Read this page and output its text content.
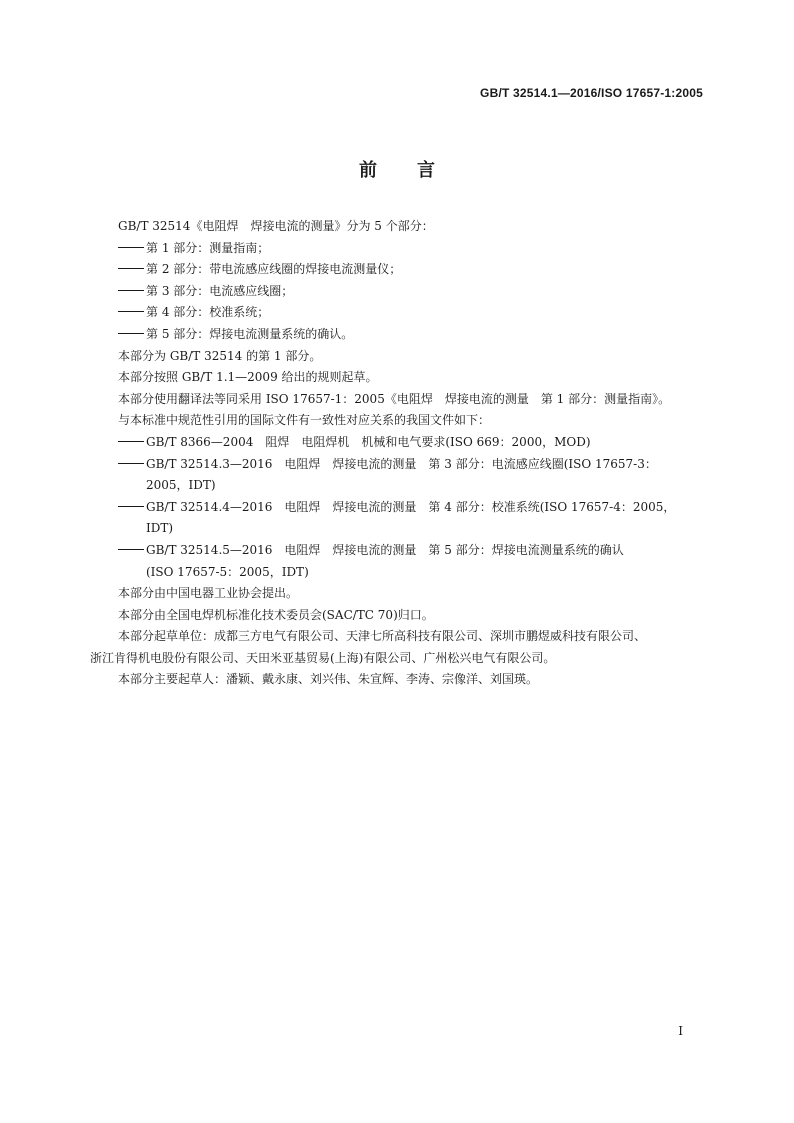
GB/T 32514.1—2016/ISO 17657-1:2005
前言
GB/T 32514《电阻焊　焊接电流的测量》分为 5 个部分：
第 1 部分：测量指南；
第 2 部分：带电流感应线圈的焊接电流测量仪；
第 3 部分：电流感应线圈；
第 4 部分：校准系统；
第 5 部分：焊接电流测量系统的确认。
本部分为 GB/T 32514 的第 1 部分。
本部分按照 GB/T 1.1—2009 给出的规则起草。
本部分使用翻译法等同采用 ISO 17657-1：2005《电阻焊　焊接电流的测量　第 1 部分：测量指南》。
与本标准中规范性引用的国际文件有一致性对应关系的我国文件如下：
GB/T 8366—2004　阻焊　电阻焊机　机械和电气要求(ISO 669：2000，MOD)
GB/T 32514.3—2016　电阻焊　焊接电流的测量　第 3 部分：电流感应线圈(ISO 17657-3：
2005，IDT)
GB/T 32514.4—2016　电阻焊　焊接电流的测量　第 4 部分：校准系统(ISO 17657-4：2005，
IDT)
GB/T 32514.5—2016　电阻焊　焊接电流的测量　第 5 部分：焊接电流测量系统的确认
(ISO 17657-5：2005，IDT)
本部分由中国电器工业协会提出。
本部分由全国电焊机标准化技术委员会(SAC/TC 70)归口。
本部分起草单位：成都三方电气有限公司、天津七所高科技有限公司、深圳市鹏煜威科技有限公司、
浙江肯得机电股份有限公司、天田米亚基贸易(上海)有限公司、广州松兴电气有限公司。
本部分主要起草人：潘颖、戴永康、刘兴伟、朱宣辉、李涛、宗像洋、刘国瑛。
I
